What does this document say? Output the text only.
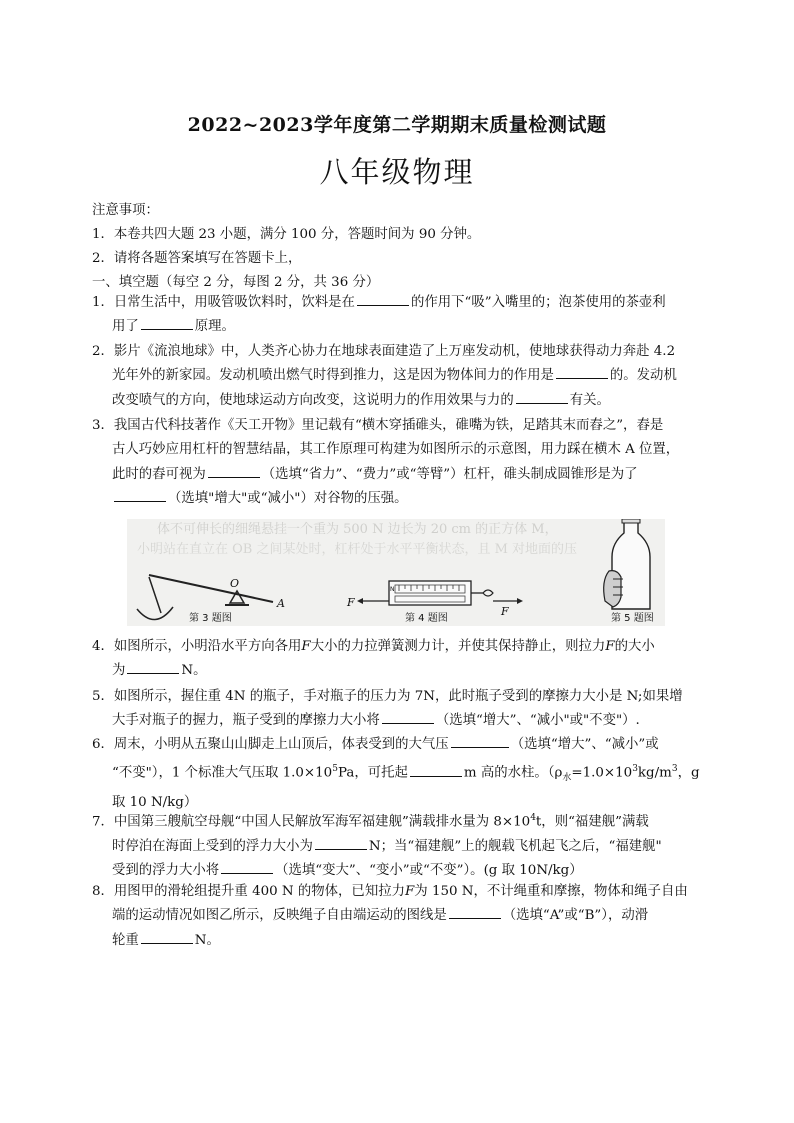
2022~2023学年度第二学期期末质量检测试题
八年级物理
注意事项：
1．本卷共四大题 23 小题，满分 100 分，答题时间为 90 分钟。
2．请将各题答案填写在答题卡上，
一、填空题（每空 2 分，每图 2 分，共 36 分）
1．日常生活中，用吸管吸饮料时，饮料是在	的作用下“吸”入嘴里的；泡茶使用的茶壶利
用了	原理。
2．影片《流浪地球》中，人类齐心协力在地球表面建造了上万座发动机，使地球获得动力奔赴 4.2
光年外的新家园。发动机喷出燃气时得到推力，这是因为物体间力的作用是	的。发动机
改变喷气的方向，使地球运动方向改变，这说明力的作用效果与力的	有关。
3．我国古代科技著作《天工开物》里记载有“横木穿插碓头，碓嘴为铁，足踏其末而舂之”，舂是
古人巧妙应用杠杆的智慧结晶，其工作原理可构建为如图所示的示意图，用力踩在横木 A 位置，
此时的舂可视为	（选填“省力”、“费力”或“等臂”）杠杆，碓头制成圆锥形是为了
（选填"增大"或“减小"）对谷物的压强。
体不可伸长的细绳悬挂一个重为 500 N 边长为 20 cm 的正方体 M，
小明站在直立在 OB 之间某处时，杠杆处于水平平衡状态，且 M 对地面的压
O
A
第 3 题图
F
N
F
第 4 题图	第 5 题图
4．如图所示，小明沿水平方向各用F大小的力拉弹簧测力计，并使其保持静止，则拉力F的大小
为	N。
5．如图所示，握住重 4N 的瓶子，手对瓶子的压力为 7N，此时瓶子受到的摩擦力大小是 N;如果增
大手对瓶子的握力，瓶子受到的摩擦力大小将	（选填“增大”、“减小"或"不变"）.
6．周末，小明从五聚山山脚走上山顶后，体表受到的大气压	（选填“增大”、“减小”或
“不变"），1 个标准大气压取 $1.0\times 10^5Pa$，可托起	m 高的水柱。（$\rho_水=1.0\times 10^3kg/m^3$，g
取 10 N/kg）
7．中国第三艘航空母舰“中国人民解放军海军福建舰”满载排水量为 $8\times 10^4t$，则“福建舰”满载
时停泊在海面上受到的浮力大小为	N；当“福建舰”上的舰载飞机起飞之后，“福建舰"
受到的浮力大小将	（选填“变大”、“变小”或“不变”）。(g 取 10N/kg）
8．用图甲的滑轮组提升重 400 N 的物体，已知拉力F为 150 N，不计绳重和摩擦，物体和绳子自由
端的运动情况如图乙所示，反映绳子自由端运动的图线是	（选填“A”或“B”），动滑
轮重	N。
